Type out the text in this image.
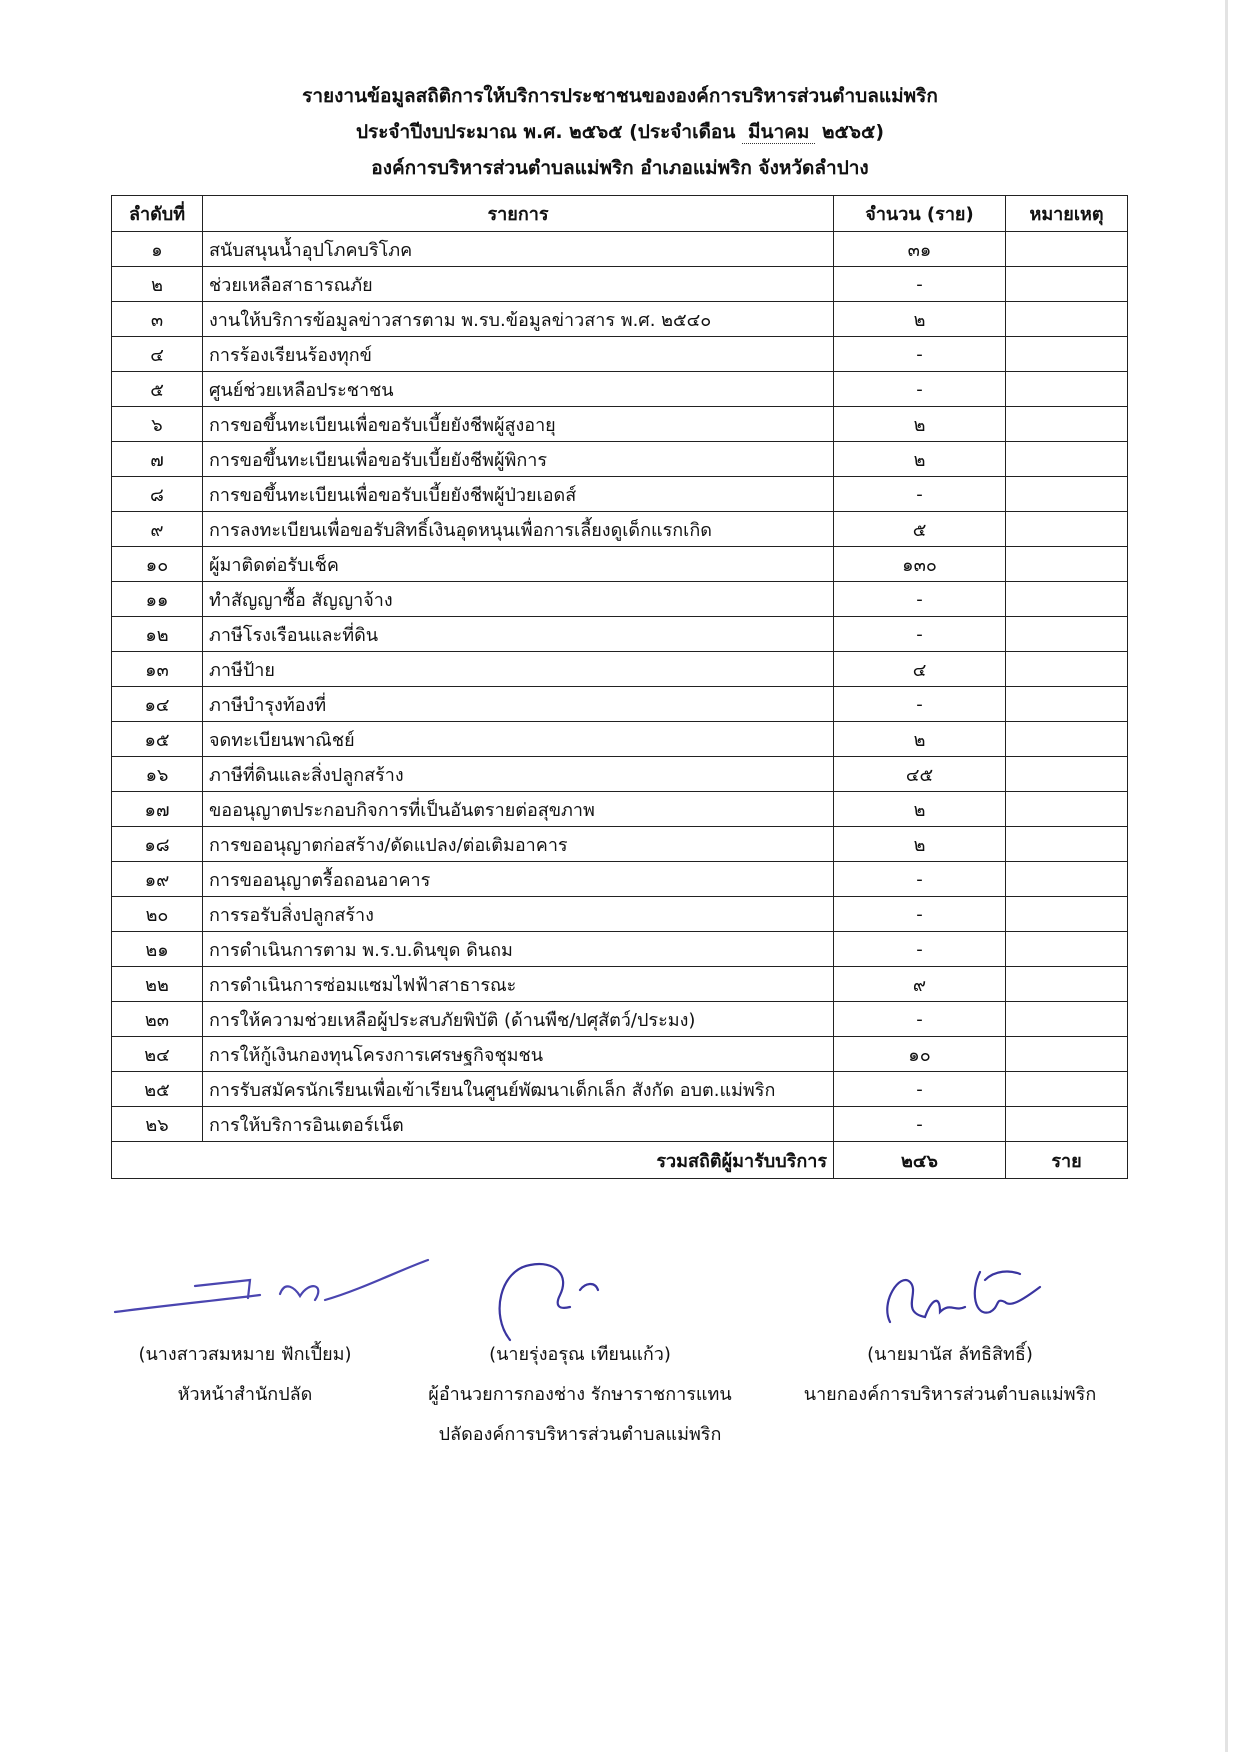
รายงานข้อมูลสถิติการให้บริการประชาชนขององค์การบริหารส่วนตำบลแม่พริก
ประจำปีงบประมาณ พ.ศ. ๒๕๖๕ (ประจำเดือน มีนาคม ๒๕๖๕)
องค์การบริหารส่วนตำบลแม่พริก อำเภอแม่พริก จังหวัดลำปาง
ลำดับที่	รายการ	จำนวน (ราย)	หมายเหตุ
๑	สนับสนุนน้ำอุปโภคบริโภค	๓๑	
๒	ช่วยเหลือสาธารณภัย	-	
๓	งานให้บริการข้อมูลข่าวสารตาม พ.รบ.ข้อมูลข่าวสาร พ.ศ. ๒๕๔๐	๒	
๔	การร้องเรียนร้องทุกข์	-	
๕	ศูนย์ช่วยเหลือประชาชน	-	
๖	การขอขึ้นทะเบียนเพื่อขอรับเบี้ยยังชีพผู้สูงอายุ	๒	
๗	การขอขึ้นทะเบียนเพื่อขอรับเบี้ยยังชีพผู้พิการ	๒	
๘	การขอขึ้นทะเบียนเพื่อขอรับเบี้ยยังชีพผู้ป่วยเอดส์	-	
๙	การลงทะเบียนเพื่อขอรับสิทธิ์เงินอุดหนุนเพื่อการเลี้ยงดูเด็กแรกเกิด	๕	
๑๐	ผู้มาติดต่อรับเช็ค	๑๓๐	
๑๑	ทำสัญญาซื้อ สัญญาจ้าง	-	
๑๒	ภาษีโรงเรือนและที่ดิน	-	
๑๓	ภาษีป้าย	๔	
๑๔	ภาษีบำรุงท้องที่	-	
๑๕	จดทะเบียนพาณิชย์	๒	
๑๖	ภาษีที่ดินและสิ่งปลูกสร้าง	๔๕	
๑๗	ขออนุญาตประกอบกิจการที่เป็นอันตรายต่อสุขภาพ	๒	
๑๘	การขออนุญาตก่อสร้าง/ดัดแปลง/ต่อเติมอาคาร	๒	
๑๙	การขออนุญาตรื้อถอนอาคาร	-	
๒๐	การรอรับสิ่งปลูกสร้าง	-	
๒๑	การดำเนินการตาม พ.ร.บ.ดินขุด ดินถม	-	
๒๒	การดำเนินการซ่อมแซมไฟฟ้าสาธารณะ	๙	
๒๓	การให้ความช่วยเหลือผู้ประสบภัยพิบัติ (ด้านพืช/ปศุสัตว์/ประมง)	-	
๒๔	การให้กู้เงินกองทุนโครงการเศรษฐกิจชุมชน	๑๐	
๒๕	การรับสมัครนักเรียนเพื่อเข้าเรียนในศูนย์พัฒนาเด็กเล็ก สังกัด อบต.แม่พริก	-	
๒๖	การให้บริการอินเตอร์เน็ต	-	
รวมสถิติผู้มารับบริการ		๒๔๖	ราย
(นางสาวสมหมาย ฟักเปี้ยม)
หัวหน้าสำนักปลัด
(นายรุ่งอรุณ เทียนแก้ว)
ผู้อำนวยการกองช่าง รักษาราชการแทน
ปลัดองค์การบริหารส่วนตำบลแม่พริก
(นายมานัส ลัทธิสิทธิ์)
นายกองค์การบริหารส่วนตำบลแม่พริก
